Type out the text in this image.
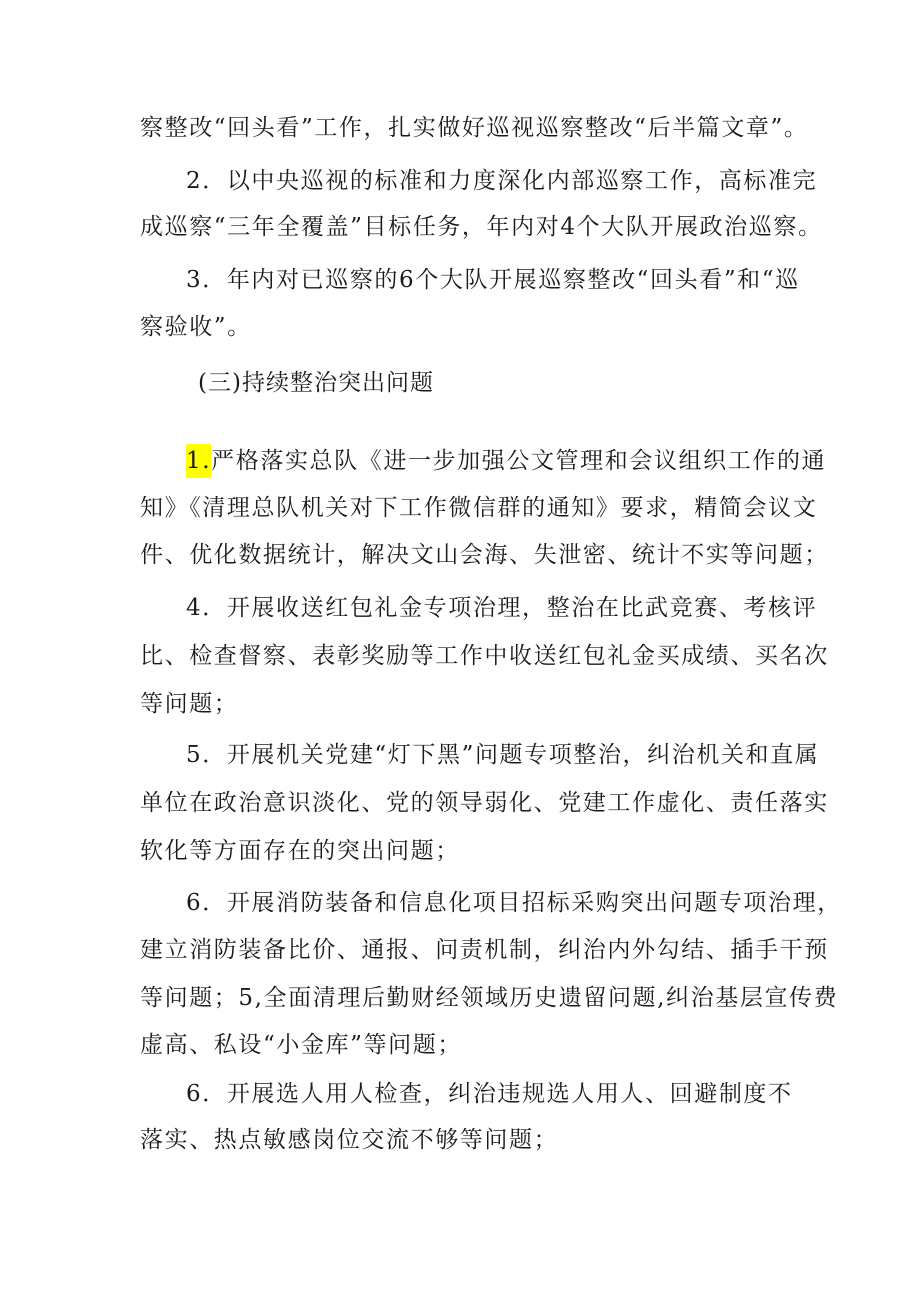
察整改“回头看”工作，扎实做好巡视巡察整改“后半篇文章”。
2．以中央巡视的标准和力度深化内部巡察工作，高标准完
成巡察“三年全覆盖”目标任务，年内对4个大队开展政治巡察。
3．年内对已巡察的6个大队开展巡察整改“回头看”和“巡
察验收”。
(三)持续整治突出问题
1.严格落实总队《进一步加强公文管理和会议组织工作的通
知》《清理总队机关对下工作微信群的通知》要求，精简会议文
件、优化数据统计，解决文山会海、失泄密、统计不实等问题；
4．开展收送红包礼金专项治理，整治在比武竞赛、考核评
比、检查督察、表彰奖励等工作中收送红包礼金买成绩、买名次
等问题；
5．开展机关党建“灯下黑”问题专项整治，纠治机关和直属
单位在政治意识淡化、党的领导弱化、党建工作虚化、责任落实
软化等方面存在的突出问题；
6．开展消防装备和信息化项目招标采购突出问题专项治理，
建立消防装备比价、通报、问责机制，纠治内外勾结、插手干预
等问题；5,全面清理后勤财经领域历史遗留问题,纠治基层宣传费
虚高、私设“小金库”等问题；
6．开展选人用人检查，纠治违规选人用人、回避制度不
落实、热点敏感岗位交流不够等问题；
